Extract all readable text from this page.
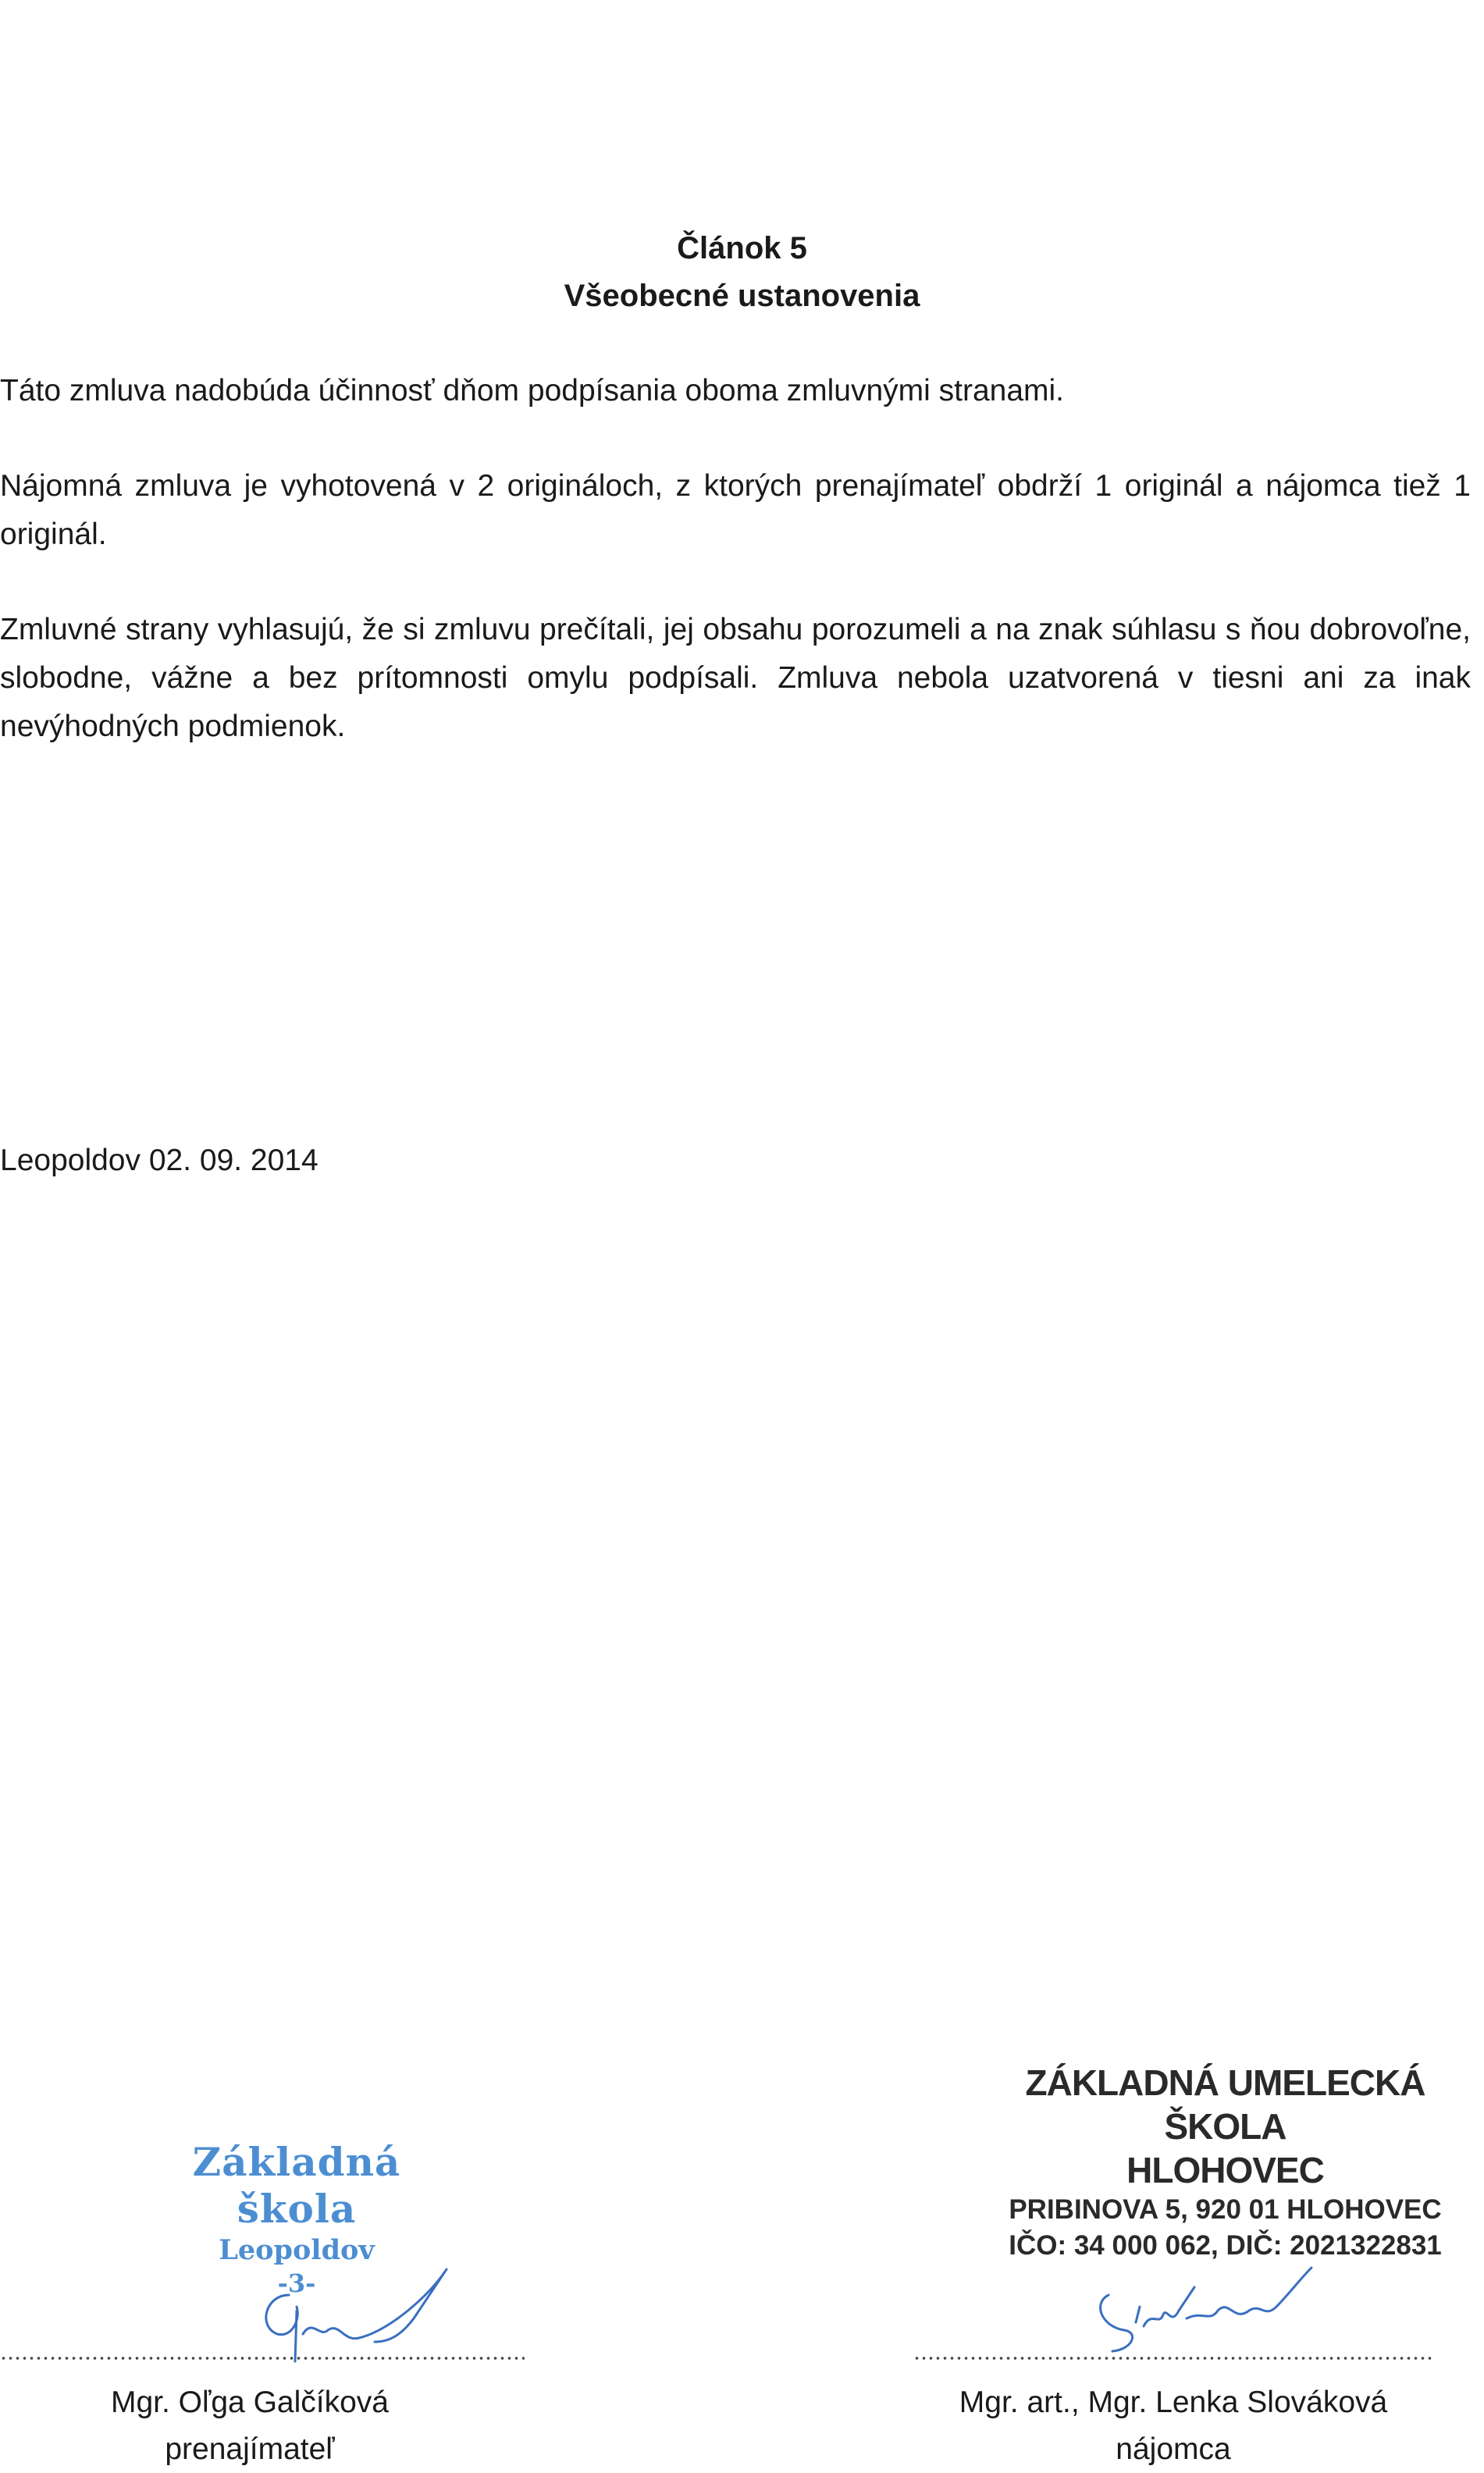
Článok 5
Všeobecné ustanovenia
Táto zmluva nadobúda účinnosť dňom podpísania oboma zmluvnými stranami.
Nájomná zmluva je vyhotovená v 2 origináloch, z ktorých prenajímateľ obdrží 1 originál a nájomca tiež 1 originál.
Zmluvné strany vyhlasujú, že si zmluvu prečítali, jej obsahu porozumeli a na znak súhlasu s ňou dobrovoľne, slobodne, vážne a bez prítomnosti omylu podpísali. Zmluva nebola uzatvorená v tiesni ani za inak nevýhodných podmienok.
Leopoldov 02. 09. 2014
Základná škola
Leopoldov
-3-
Mgr. Oľga Galčíková
prenajímateľ
ZÁKLADNÁ UMELECKÁ ŠKOLA
HLOHOVEC
PRIBINOVA 5, 920 01 HLOHOVEC
IČO: 34 000 062, DIČ: 2021322831
Mgr. art., Mgr. Lenka Slováková
nájomca
